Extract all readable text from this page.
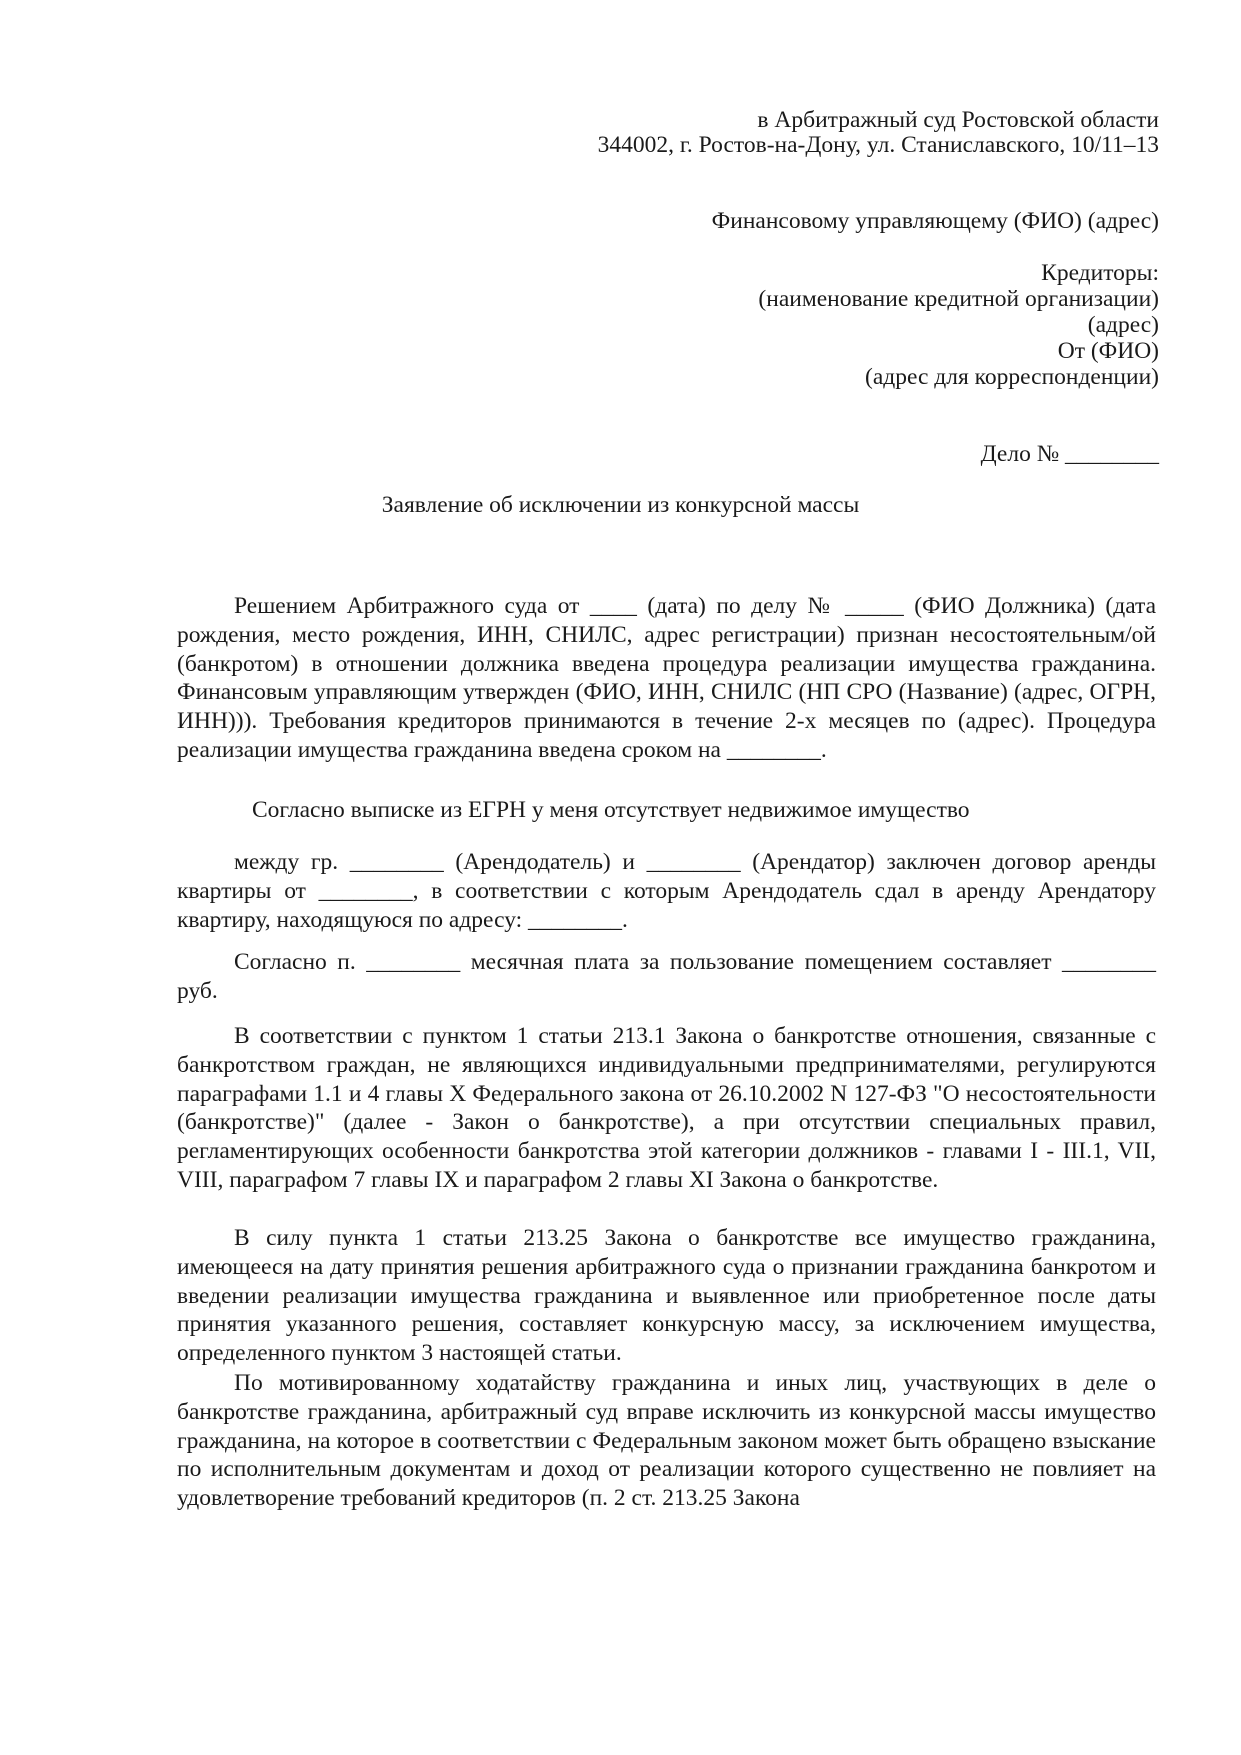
в Арбитражный суд Ростовской области
344002, г. Ростов-на-Дону, ул. Станиславского, 10/11–13
Финансовому управляющему (ФИО) (адрес)
Кредиторы:
(наименование кредитной организации)
(адрес)
От (ФИО)
(адрес для корреспонденции)
Дело № ________
Заявление об исключении из конкурсной массы

Решением Арбитражного суда от ____ (дата) по делу № _____ (ФИО Должника) (дата рождения, место рождения, ИНН, СНИЛС, адрес регистрации) признан несостоятельным/ой (банкротом) в отношении должника введена процедура реализации имущества гражданина. Финансовым управляющим утвержден (ФИО, ИНН, СНИЛС (НП СРО (Название) (адрес, ОГРН, ИНН))). Требования кредиторов принимаются в течение 2-х месяцев по (адрес). Процедура реализации имущества гражданина введена сроком на ________.

Согласно выписке из ЕГРН у меня отсутствует недвижимое имущество

между гр. ________ (Арендодатель) и ________ (Арендатор) заключен договор аренды квартиры от ________, в соответствии с которым Арендодатель сдал в аренду Арендатору квартиру, находящуюся по адресу: ________.

Согласно п. ________ месячная плата за пользование помещением составляет ________ руб.

В соответствии с пунктом 1 статьи 213.1 Закона о банкротстве отношения, связанные с банкротством граждан, не являющихся индивидуальными предпринимателями, регулируются параграфами 1.1 и 4 главы X Федерального закона от 26.10.2002 N 127-ФЗ "О несостоятельности (банкротстве)" (далее - Закон о банкротстве), а при отсутствии специальных правил, регламентирующих особенности банкротства этой категории должников - главами I - III.1, VII, VIII, параграфом 7 главы IX и параграфом 2 главы XI Закона о банкротстве.

В силу пункта 1 статьи 213.25 Закона о банкротстве все имущество гражданина, имеющееся на дату принятия решения арбитражного суда о признании гражданина банкротом и введении реализации имущества гражданина и выявленное или приобретенное после даты принятия указанного решения, составляет конкурсную массу, за исключением имущества, определенного пунктом 3 настоящей статьи.

По мотивированному ходатайству гражданина и иных лиц, участвующих в деле о банкротстве гражданина, арбитражный суд вправе исключить из конкурсной массы имущество гражданина, на которое в соответствии с Федеральным законом может быть обращено взыскание по исполнительным документам и доход от реализации которого существенно не повлияет на удовлетворение требований кредиторов (п. 2 ст. 213.25 Закона
